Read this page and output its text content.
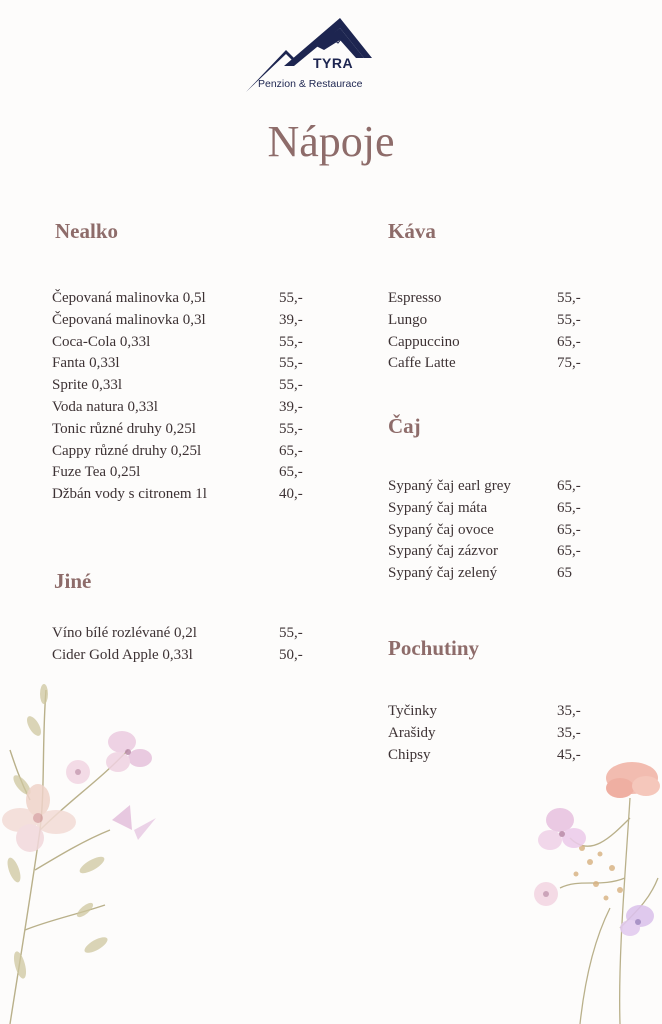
TYRA
Penzion & Restaurace
Nápoje
Nealko
Čepovaná malinovka 0,5l	55,-
Čepovaná malinovka 0,3l	39,-
Coca-Cola 0,33l	55,-
Fanta 0,33l	55,-
Sprite 0,33l	55,-
Voda natura 0,33l	39,-
Tonic různé druhy 0,25l	55,-
Cappy různé druhy 0,25l	65,-
Fuze Tea 0,25l	65,-
Džbán vody s citronem 1l	40,-
Jiné
Víno bílé rozlévané 0,2l	55,-
Cider Gold Apple 0,33l	50,-
Káva
Espresso	55,-
Lungo	55,-
Cappuccino	65,-
Caffe Latte	75,-
Čaj
Sypaný čaj earl grey	65,-
Sypaný čaj máta	65,-
Sypaný čaj ovoce	65,-
Sypaný čaj zázvor	65,-
Sypaný čaj zelený	65
Pochutiny
Tyčinky	35,-
Arašidy	35,-
Chipsy	45,-
